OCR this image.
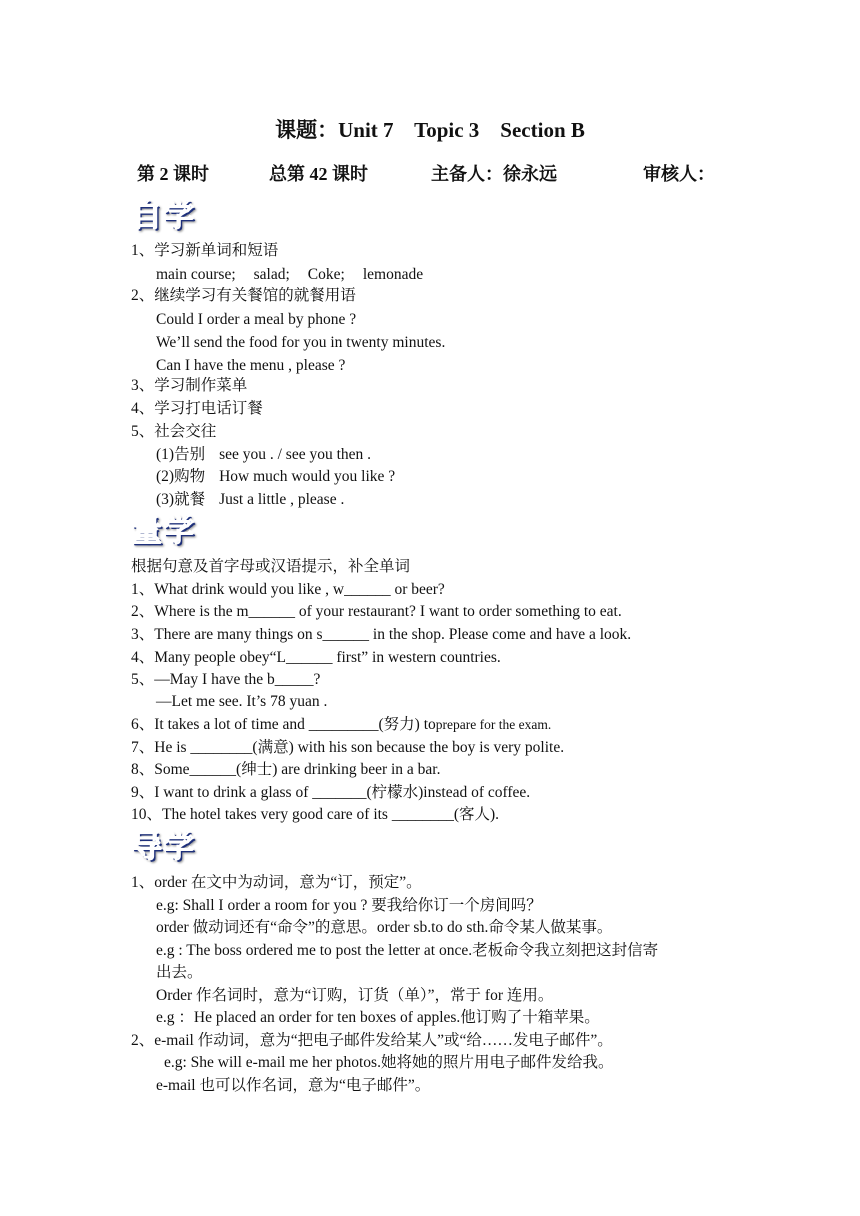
课题：Unit 7    Topic 3    Section B
第 2 课时	总第 42 课时	主备人：徐永远	审核人：
自学
1、学习新单词和短语
main course; salad; Coke; lemonade
2、继续学习有关餐馆的就餐用语
Could I order a meal by phone ?
We’ll send the food for you in twenty minutes.
Can I have the menu , please ?
3、学习制作菜单
4、学习打电话订餐
5、社会交往
(1)告别 see you . / see you then .
(2)购物 How much would you like ?
(3)就餐 Just a little , please .
量学
根据句意及首字母或汉语提示，补全单词
1、What drink would you like , w______ or beer?
2、Where is the m______ of your restaurant? I want to order something to eat.
3、There are many things on s______ in the shop. Please come and have a look.
4、Many people obey“L______ first” in western countries.
5、—May I have the b_____?
—Let me see. It’s 78 yuan .
6、It takes a lot of time and _________(努力) toprepare for the exam.
7、He is ________(满意) with his son because the boy is very polite.
8、Some______(绅士) are drinking beer in a bar.
9、I want to drink a glass of _______(柠檬水)instead of coffee.
10、The hotel takes very good care of its ________(客人).
导学
1、order 在文中为动词，意为“订，预定”。
e.g: Shall I order a room for you ? 要我给你订一个房间吗？
order 做动词还有“命令”的意思。order sb.to do sth.命令某人做某事。
e.g : The boss ordered me to post the letter at once.老板命令我立刻把这封信寄
出去。
Order 作名词时，意为“订购，订货（单）”，常于 for 连用。
e.g ：He placed an order for ten boxes of apples.他订购了十箱苹果。
2、e-mail 作动词，意为“把电子邮件发给某人”或“给……发电子邮件”。
e.g: She will e-mail me her photos.她将她的照片用电子邮件发给我。
e-mail 也可以作名词，意为“电子邮件”。
